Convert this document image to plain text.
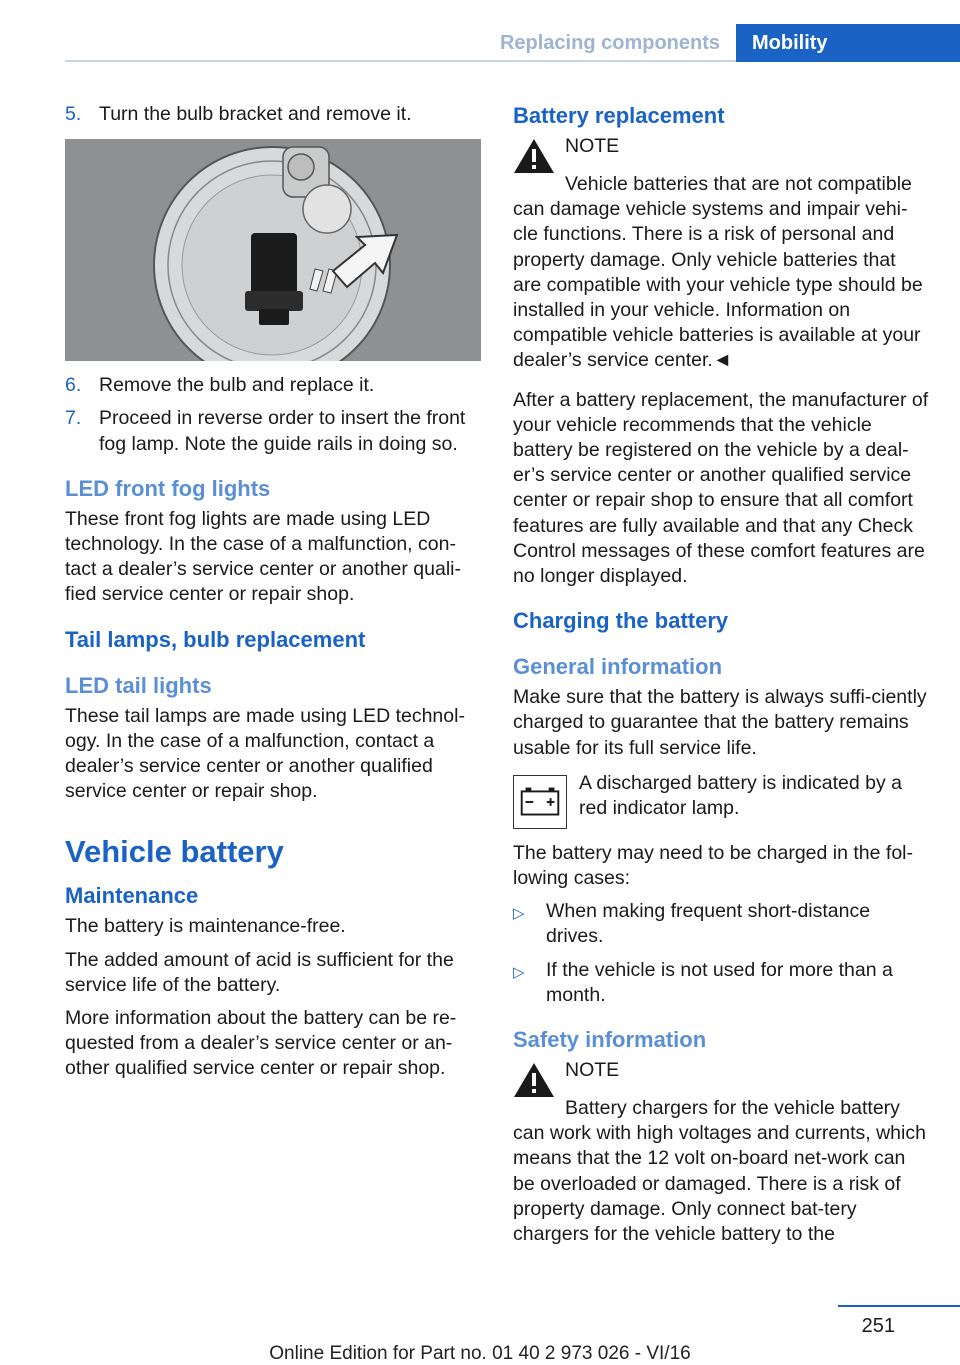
Replacing components	Mobility
5. Turn the bulb bracket and remove it.
6. Remove the bulb and replace it.
7. Proceed in reverse order to insert the front fog lamp. Note the guide rails in doing so.
LED front fog lights

These front fog lights are made using LED technology. In the case of a malfunction, con-tact a dealer’s service center or another quali-fied service center or repair shop.

Tail lamps, bulb replacement
LED tail lights

These tail lamps are made using LED technol-ogy. In the case of a malfunction, contact a dealer’s service center or another qualified service center or repair shop.

Vehicle battery
Maintenance

The battery is maintenance-free.

The added amount of acid is sufficient for the service life of the battery.

More information about the battery can be re-quested from a dealer’s service center or an-other qualified service center or repair shop.

Battery replacement
NOTE
Vehicle batteries that are not compatible can damage vehicle systems and impair vehi-cle functions. There is a risk of personal and property damage. Only vehicle batteries that are compatible with your vehicle type should be installed in your vehicle. Information on compatible vehicle batteries is available at your dealer’s service center.◄

After a battery replacement, the manufacturer of your vehicle recommends that the vehicle battery be registered on the vehicle by a deal-er’s service center or another qualified service center or repair shop to ensure that all comfort features are fully available and that any Check Control messages of these comfort features are no longer displayed.

Charging the battery
General information

Make sure that the battery is always suffi-ciently charged to guarantee that the battery remains usable for its full service life.

A discharged battery is indicated by a red indicator lamp.

The battery may need to be charged in the fol-lowing cases:

▷	When making frequent short-distance drives.
▷	If the vehicle is not used for more than a month.
Safety information
NOTE
Battery chargers for the vehicle battery can work with high voltages and currents, which means that the 12 volt on-board net-work can be overloaded or damaged. There is a risk of property damage. Only connect bat-tery chargers for the vehicle battery to the
251
Online Edition for Part no. 01 40 2 973 026 - VI/16
